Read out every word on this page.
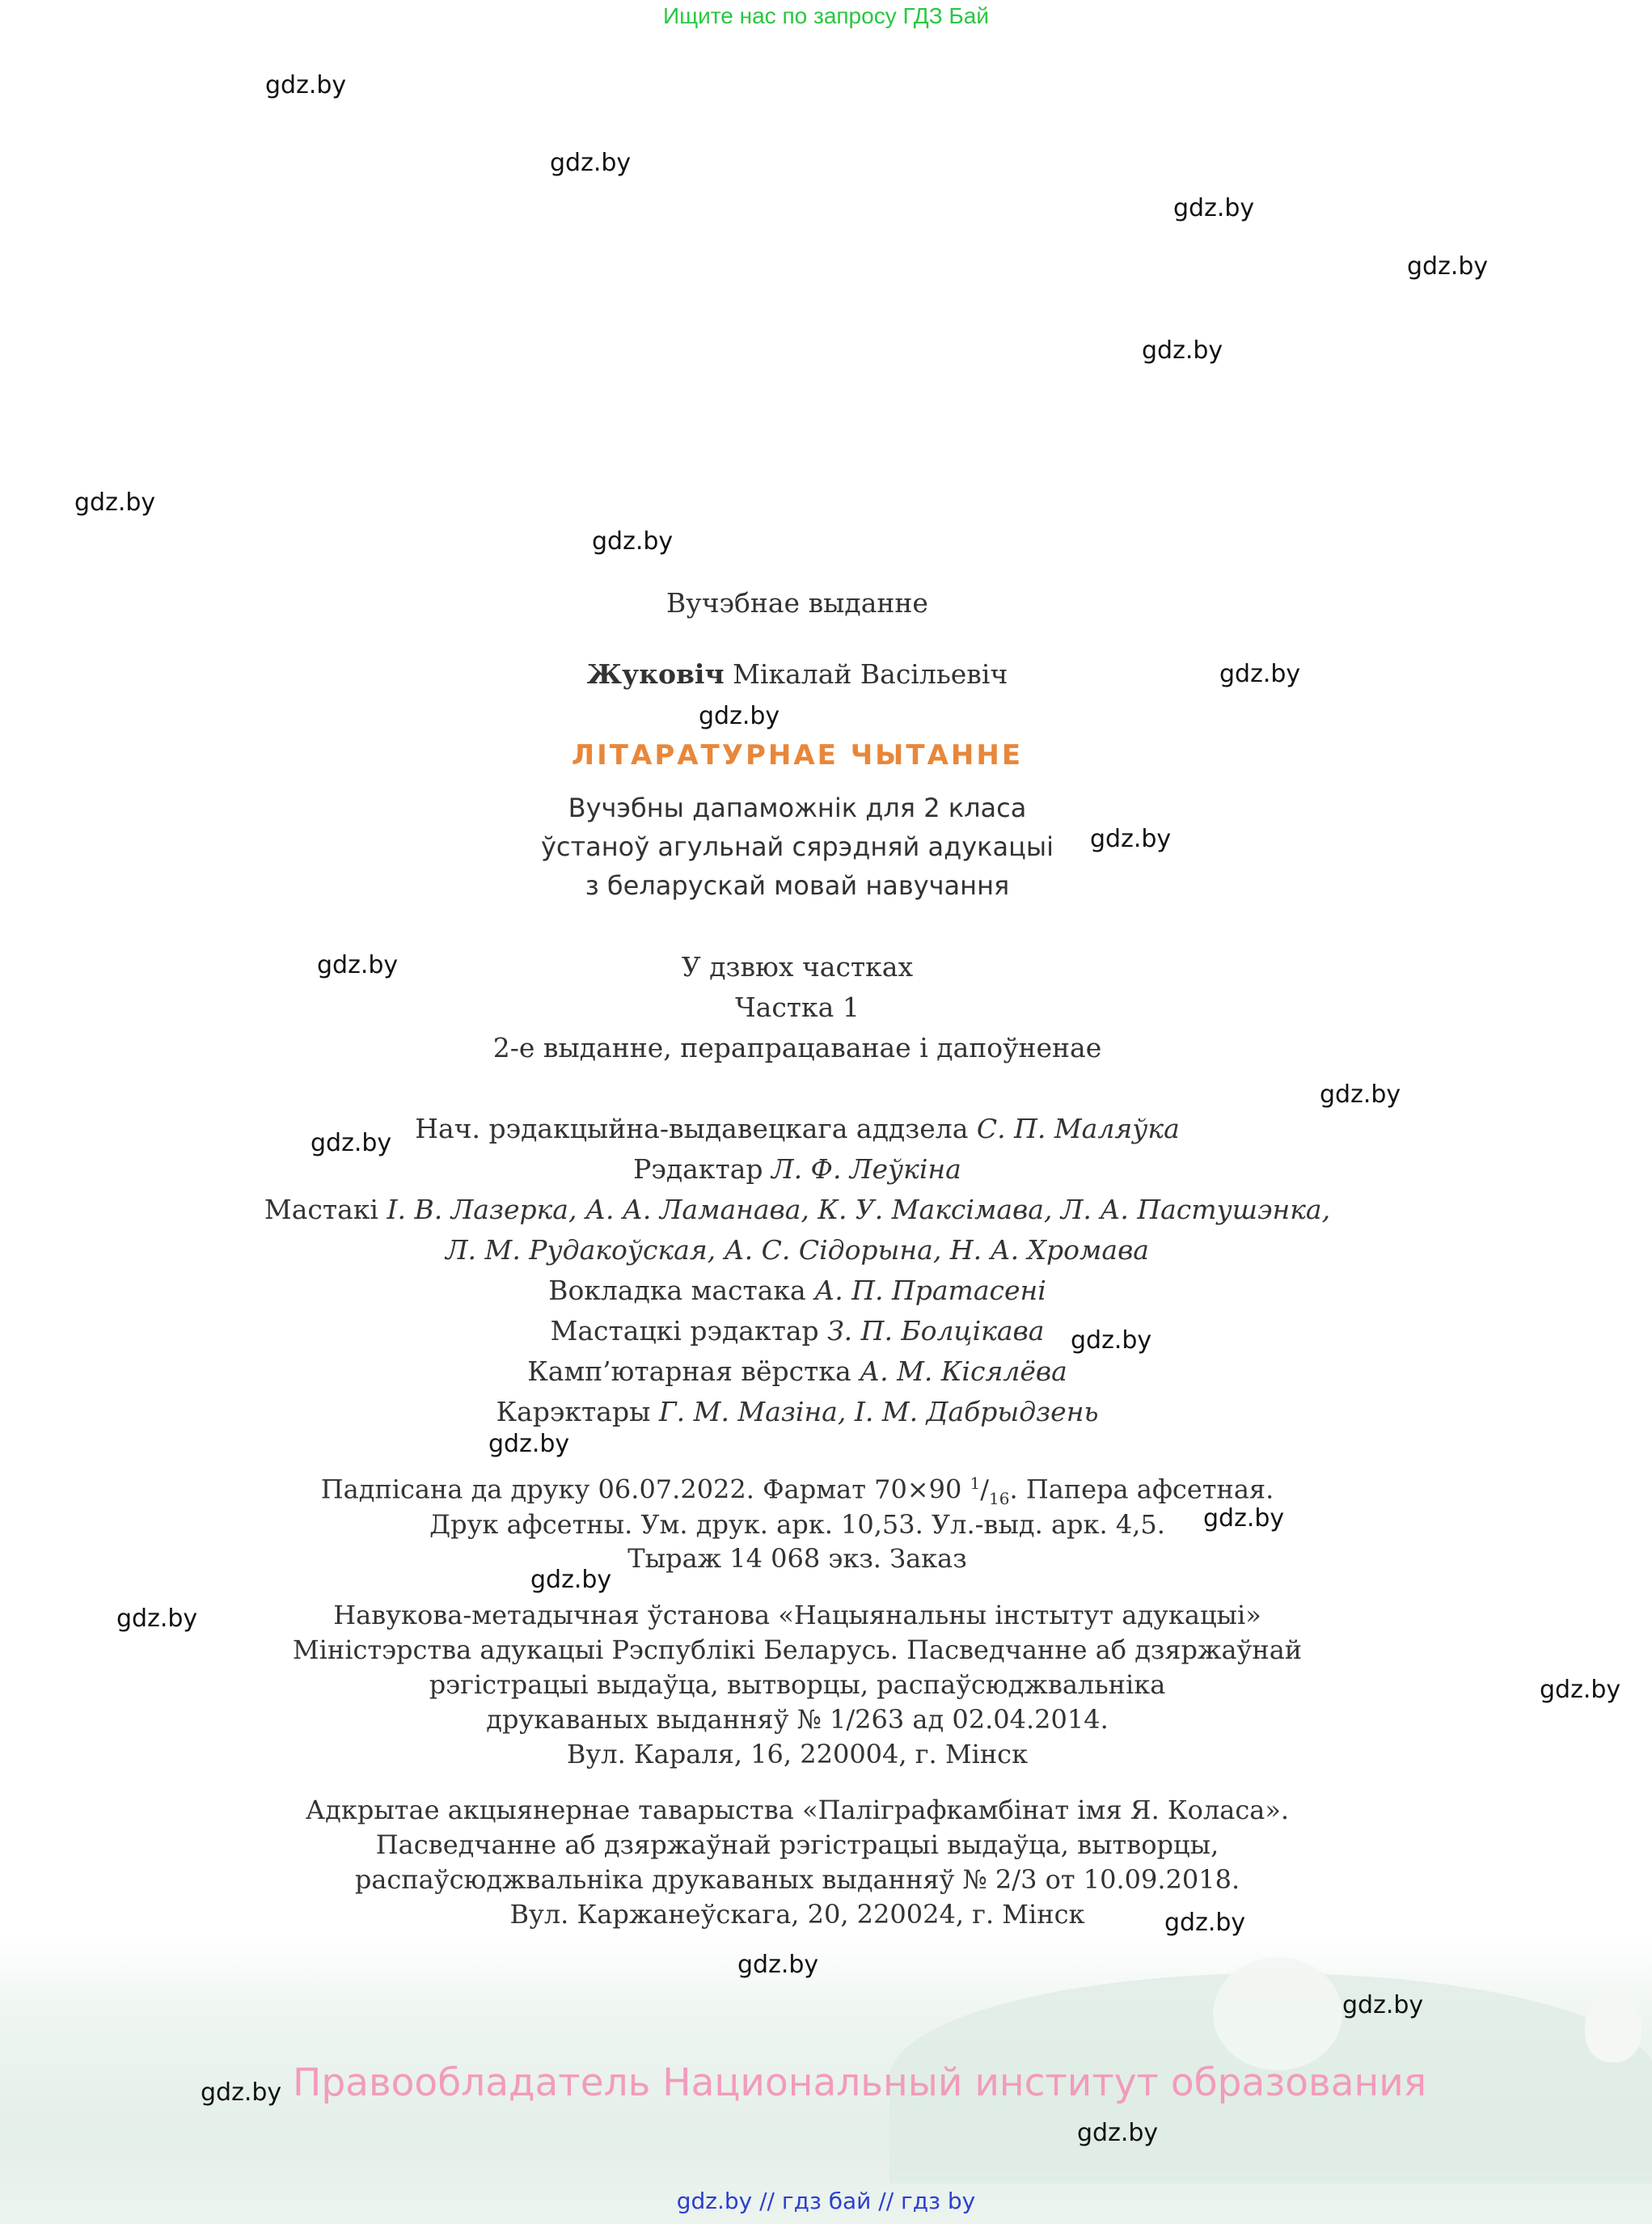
Ищите нас по запросу ГДЗ Бай
gdz.by
gdz.by
gdz.by
gdz.by
gdz.by
gdz.by
gdz.by
gdz.by
gdz.by
gdz.by
gdz.by
gdz.by
gdz.by
gdz.by
gdz.by
gdz.by
gdz.by
gdz.by
gdz.by
gdz.by
gdz.by
gdz.by
gdz.by
gdz.by
Вучэбнае выданне
Жуковіч Мікалай Васільевіч
ЛІТАРАТУРНАЕ ЧЫТАННЕ
Вучэбны дапаможнік для 2 класа
ўстаноў агульнай сярэдняй адукацыі
з беларускай мовай навучання
У дзвюх частках
Частка 1
2-е выданне, перапрацаванае і дапоўненае
Нач. рэдакцыйна-выдавецкага аддзела С. П. Маляўка
Рэдактар Л. Ф. Леўкіна
Мастакі І. В. Лазерка, А. А. Ламанава, К. У. Максімава, Л. А. Пастушэнка,
Л. М. Рудакоўская, А. С. Сідорына, Н. А. Хромава
Вокладка мастака А. П. Пратасені
Мастацкі рэдактар З. П. Болцікава
Камп’ютарная вёрстка А. М. Кісялёва
Карэктары Г. М. Мазіна, І. М. Дабрыдзень
Падпісана да друку 06.07.2022. Фармат 70×90 $^1/_{16}$. Папера афсетная.
Друк афсетны. Ум. друк. арк. 10,53. Ул.-выд. арк. 4,5.
Тыраж 14 068 экз. Заказ
Навукова-метадычная ўстанова «Нацыянальны інстытут адукацыі»
Міністэрства адукацыі Рэспублікі Беларусь. Пасведчанне аб дзяржаўнай
рэгістрацыі выдаўца, вытворцы, распаўсюджвальніка
друкаваных выданняў № 1/263 ад 02.04.2014.
Вул. Караля, 16, 220004, г. Мінск
Адкрытае акцыянернае таварыства «Паліграфкамбінат імя Я. Коласа».
Пасведчанне аб дзяржаўнай рэгістрацыі выдаўца, вытворцы,
распаўсюджвальніка друкаваных выданняў № 2/3 от 10.09.2018.
Вул. Каржанеўскага, 20, 220024, г. Мінск
Правообладатель Национальный институт образования
gdz.by // гдз бай // гдз by
